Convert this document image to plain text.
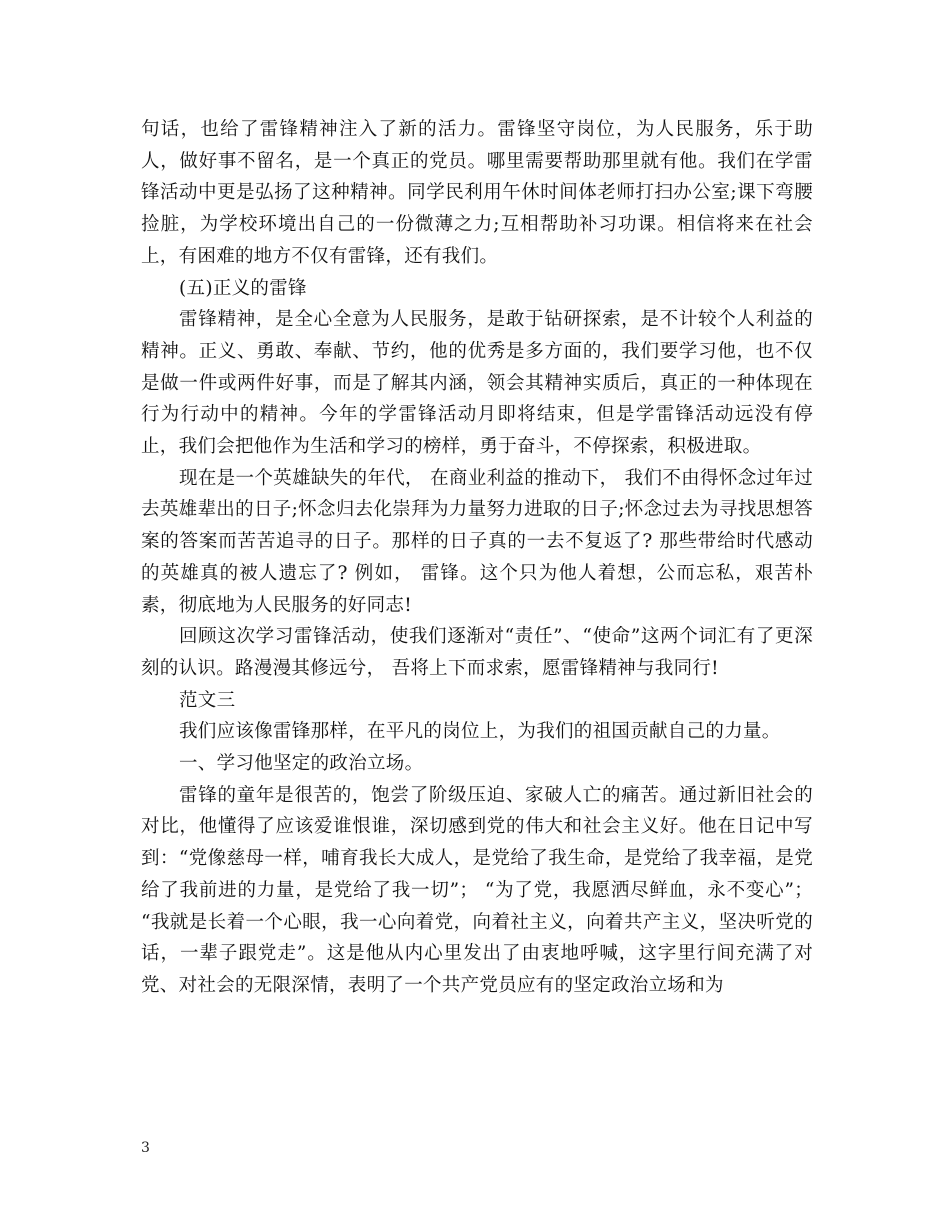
句话，也给了雷锋精神注入了新的活力。雷锋坚守岗位，为人民服务，乐于助人，做好事不留名，是一个真正的党员。哪里需要帮助那里就有他。我们在学雷锋活动中更是弘扬了这种精神。同学民利用午休时间体老师打扫办公室;课下弯腰捡脏，为学校环境出自己的一份微薄之力;互相帮助补习功课。相信将来在社会上，有困难的地方不仅有雷锋，还有我们。

(五)正义的雷锋

雷锋精神，是全心全意为人民服务，是敢于钻研探索，是不计较个人利益的精神。正义、勇敢、奉献、节约，他的优秀是多方面的，我们要学习他，也不仅是做一件或两件好事，而是了解其内涵，领会其精神实质后，真正的一种体现在行为行动中的精神。今年的学雷锋活动月即将结束，但是学雷锋活动远没有停止，我们会把他作为生活和学习的榜样，勇于奋斗，不停探索，积极进取。

现在是一个英雄缺失的年代， 在商业利益的推动下， 我们不由得怀念过年过去英雄辈出的日子;怀念归去化崇拜为力量努力进取的日子;怀念过去为寻找思想答案的答案而苦苦追寻的日子。那样的日子真的一去不复返了? 那些带给时代感动的英雄真的被人遗忘了? 例如， 雷锋。这个只为他人着想，公而忘私，艰苦朴素，彻底地为人民服务的好同志!

回顾这次学习雷锋活动，使我们逐渐对“责任”、“使命”这两个词汇有了更深刻的认识。路漫漫其修远兮， 吾将上下而求索，愿雷锋精神与我同行!

范文三

我们应该像雷锋那样，在平凡的岗位上，为我们的祖国贡献自己的力量。

一、学习他坚定的政治立场。

雷锋的童年是很苦的，饱尝了阶级压迫、家破人亡的痛苦。通过新旧社会的对比，他懂得了应该爱谁恨谁，深切感到党的伟大和社会主义好。他在日记中写到：“党像慈母一样，哺育我长大成人，是党给了我生命，是党给了我幸福，是党给了我前进的力量，是党给了我一切”； “为了党，我愿洒尽鲜血，永不变心”； “我就是长着一个心眼，我一心向着党，向着社主义，向着共产主义，坚决听党的话，一辈子跟党走”。这是他从内心里发出了由衷地呼喊，这字里行间充满了对党、对社会的无限深情，表明了一个共产党员应有的坚定政治立场和为

3
